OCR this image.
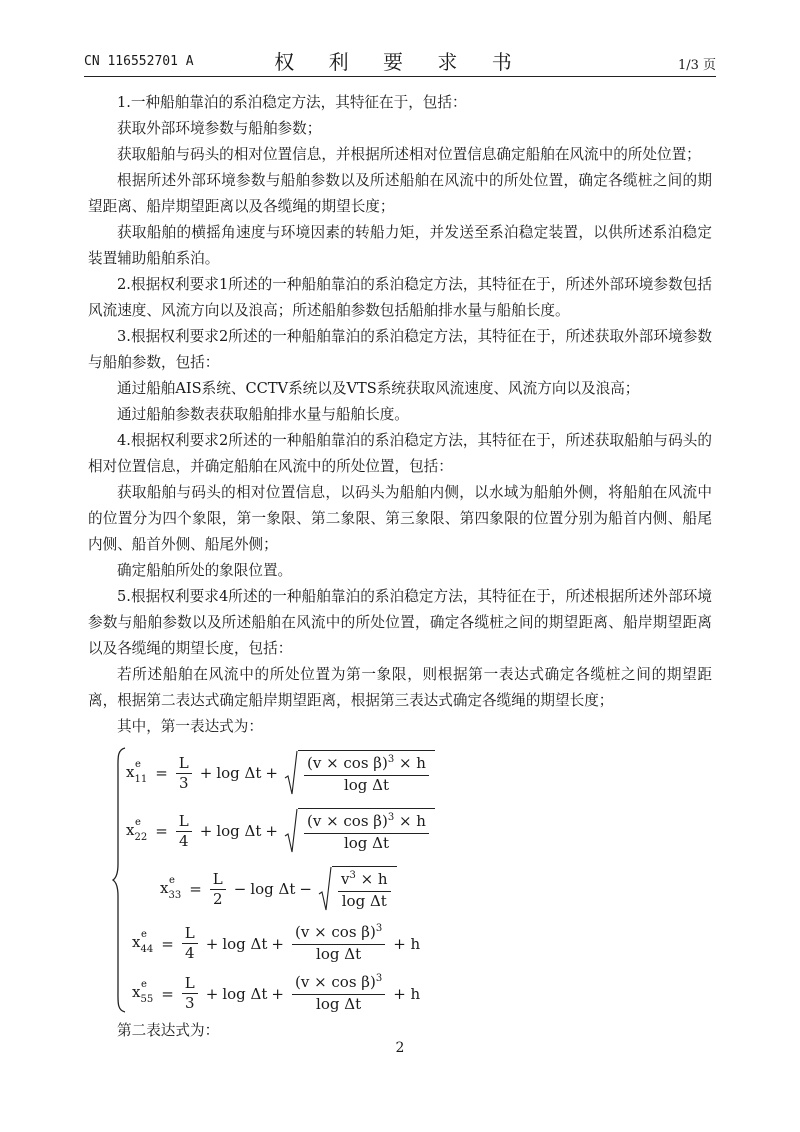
CN 116552701 A	权 利 要 求 书	1/3 页

1.一种船舶靠泊的系泊稳定方法，其特征在于，包括：

获取外部环境参数与船舶参数；

获取船舶与码头的相对位置信息，并根据所述相对位置信息确定船舶在风流中的所处位置；

根据所述外部环境参数与船舶参数以及所述船舶在风流中的所处位置，确定各缆桩之间的期望距离、船岸期望距离以及各缆绳的期望长度；

获取船舶的横摇角速度与环境因素的转船力矩，并发送至系泊稳定装置，以供所述系泊稳定装置辅助船舶系泊。

2.根据权利要求1所述的一种船舶靠泊的系泊稳定方法，其特征在于，所述外部环境参数包括风流速度、风流方向以及浪高；所述船舶参数包括船舶排水量与船舶长度。

3.根据权利要求2所述的一种船舶靠泊的系泊稳定方法，其特征在于，所述获取外部环境参数与船舶参数，包括：

通过船舶AIS系统、CCTV系统以及VTS系统获取风流速度、风流方向以及浪高；

通过船舶参数表获取船舶排水量与船舶长度。

4.根据权利要求2所述的一种船舶靠泊的系泊稳定方法，其特征在于，所述获取船舶与码头的相对位置信息，并确定船舶在风流中的所处位置，包括：

获取船舶与码头的相对位置信息，以码头为船舶内侧，以水域为船舶外侧，将船舶在风流中的位置分为四个象限，第一象限、第二象限、第三象限、第四象限的位置分别为船首内侧、船尾内侧、船首外侧、船尾外侧；

确定船舶所处的象限位置。

5.根据权利要求4所述的一种船舶靠泊的系泊稳定方法，其特征在于，所述根据所述外部环境参数与船舶参数以及所述船舶在风流中的所处位置，确定各缆桩之间的期望距离、船岸期望距离以及各缆绳的期望长度，包括：

若所述船舶在风流中的所处位置为第一象限，则根据第一表达式确定各缆桩之间的期望距离，根据第二表达式确定船岸期望距离，根据第三表达式确定各缆绳的期望长度；

其中，第一表达式为：

x e
$_{11} = \frac{L}{3} + \log \Delta t + \frac{(v \times \cos \beta)^3 \times h}{\text{log Δt}}$
x e
$_{22} = \frac{L}{4} + \log \Delta t + \frac{(v \times \cos \beta)^3 \times h}{\text{log Δt}}$
x e
$_{33} = \frac{L}{2} - \log \Delta t - \frac{v^3 \times h}{\text{log Δt}}$
x e
$_{44} = \frac{L}{4} + \log \Delta t + \frac{(v \times \cos \beta)^3}{\text{log Δt}} + h$
x e
$_{55} = \frac{L}{3} + \log \Delta t + \frac{(v \times \cos \beta)^3}{\text{log Δt}} + h$

第二表达式为：

2
